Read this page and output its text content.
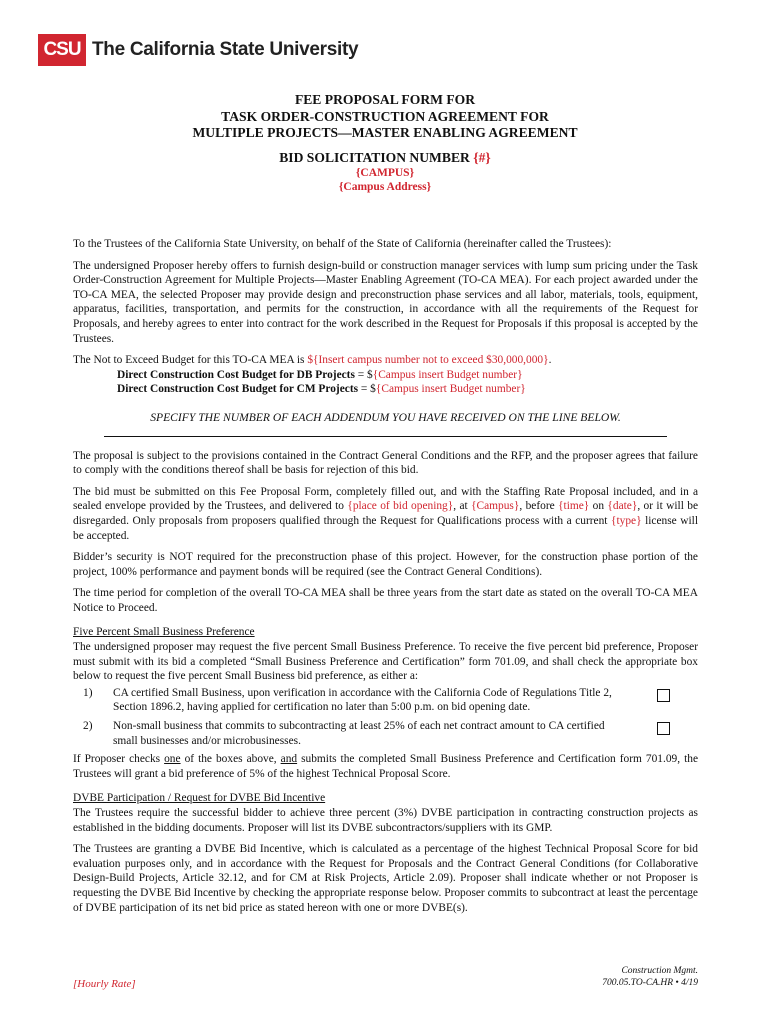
CSU The California State University
FEE PROPOSAL FORM FOR
TASK ORDER-CONSTRUCTION AGREEMENT FOR
MULTIPLE PROJECTS—MASTER ENABLING AGREEMENT
BID SOLICITATION NUMBER {#}
{CAMPUS}
{Campus Address}

To the Trustees of the California State University, on behalf of the State of California (hereinafter called the Trustees):

The undersigned Proposer hereby offers to furnish design-build or construction manager services with lump sum pricing under the Task Order-Construction Agreement for Multiple Projects—Master Enabling Agreement (TO-CA MEA). For each project awarded under the TO-CA MEA, the selected Proposer may provide design and preconstruction phase services and all labor, materials, tools, equipment, apparatus, facilities, transportation, and permits for the construction, in accordance with all the requirements of the Request for Proposals, and hereby agrees to enter into contract for the work described in the Request for Proposals if this proposal is accepted by the Trustees.

The Not to Exceed Budget for this TO-CA MEA is ${Insert campus number not to exceed $30,000,000}.

Direct Construction Cost Budget for DB Projects = ${Campus insert Budget number}
Direct Construction Cost Budget for CM Projects = ${Campus insert Budget number}
SPECIFY THE NUMBER OF EACH ADDENDUM YOU HAVE RECEIVED ON THE LINE BELOW.

The proposal is subject to the provisions contained in the Contract General Conditions and the RFP, and the proposer agrees that failure to comply with the conditions thereof shall be basis for rejection of this bid.

The bid must be submitted on this Fee Proposal Form, completely filled out, and with the Staffing Rate Proposal included, and in a sealed envelope provided by the Trustees, and delivered to {place of bid opening}, at {Campus}, before {time} on {date}, or it will be disregarded. Only proposals from proposers qualified through the Request for Qualifications process with a current {type} license will be accepted.

Bidder’s security is NOT required for the preconstruction phase of this project. However, for the construction phase portion of the project, 100% performance and payment bonds will be required (see the Contract General Conditions).

The time period for completion of the overall TO-CA MEA shall be three years from the start date as stated on the overall TO-CA MEA Notice to Proceed.

Five Percent Small Business Preference

The undersigned proposer may request the five percent Small Business Preference. To receive the five percent bid preference, Proposer must submit with its bid a completed “Small Business Preference and Certification” form 701.09, and shall check the appropriate box below to request the five percent Small Business bid preference, as either a:

1)	CA certified Small Business, upon verification in accordance with the California Code of Regulations Title 2, Section 1896.2, having applied for certification no later than 5:00 p.m. on bid opening date.
2)	Non-small business that commits to subcontracting at least 25% of each net contract amount to CA certified small businesses and/or microbusinesses.

If Proposer checks one of the boxes above, and submits the completed Small Business Preference and Certification form 701.09, the Trustees will grant a bid preference of 5% of the highest Technical Proposal Score.

DVBE Participation / Request for DVBE Bid Incentive

The Trustees require the successful bidder to achieve three percent (3%) DVBE participation in contracting construction projects as established in the bidding documents. Proposer will list its DVBE subcontractors/suppliers with its GMP.

The Trustees are granting a DVBE Bid Incentive, which is calculated as a percentage of the highest Technical Proposal Score for bid evaluation purposes only, and in accordance with the Request for Proposals and the Contract General Conditions (for Collaborative Design-Build Projects, Article 32.12, and for CM at Risk Projects, Article 2.09). Proposer shall indicate whether or not Proposer is requesting the DVBE Bid Incentive by checking the appropriate response below. Proposer commits to subcontract at least the percentage of DVBE participation of its net bid price as stated hereon with one or more DVBE(s).

[Hourly Rate]
Construction Mgmt.
700.05.TO-CA.HR • 4/19
